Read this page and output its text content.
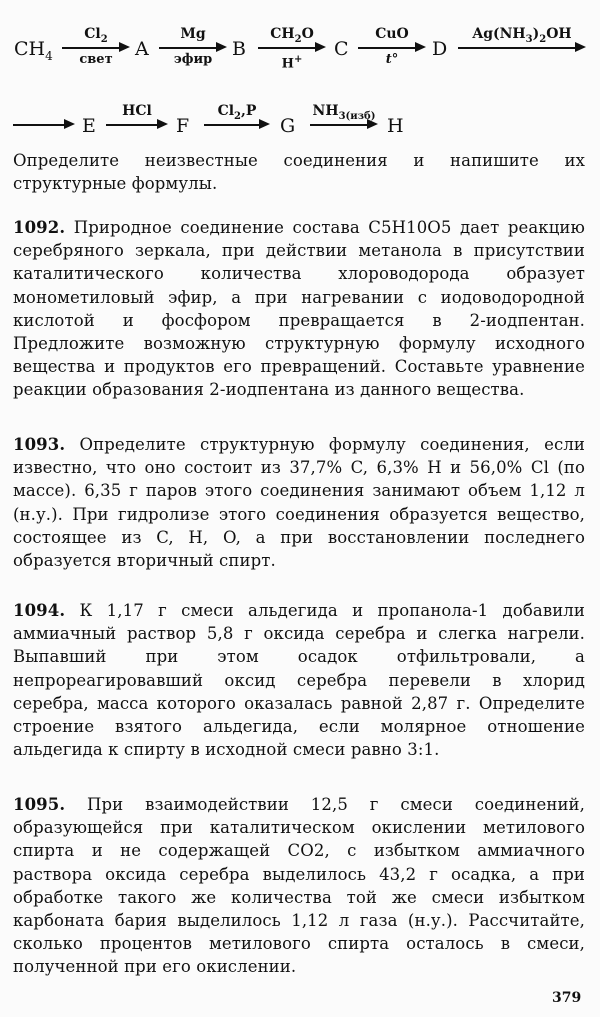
$CH_4$
$Cl_2$
свет	A
Mg
эфир	B
$CH_2O$
H+	C
CuO
t°	D
$Ag(NH_3)_2OH$
E
HCl
F
$Cl_2,P$
G
$NH_{3(изб)}$ H
Определите неизвестные соединения и напишите их структурные формулы.
1092. Природное соединение состава C5H10O5 дает реакцию серебряного зеркала, при действии метанола в присутствии каталитического количества хлороводорода образует монометиловый эфир, а при нагревании с иодоводородной кислотой и фосфором превращается в 2-иодпентан. Предложите возможную структурную формулу исходного вещества и продуктов его превращений. Составьте уравнение реакции образования 2-иодпентана из данного вещества.
1093. Определите структурную формулу соединения, если известно, что оно состоит из 37,7% C, 6,3% H и 56,0% Cl (по массе). 6,35 г паров этого соединения занимают объем 1,12 л (н.у.). При гидролизе этого соединения образуется вещество, состоящее из C, H, O, а при восстановлении последнего образуется вторичный спирт.
1094. К 1,17 г смеси альдегида и пропанола-1 добавили аммиачный раствор 5,8 г оксида серебра и слегка нагрели. Выпавший при этом осадок отфильтровали, а непрореагировавший оксид серебра перевели в хлорид серебра, масса которого оказалась равной 2,87 г. Определите строение взятого альдегида, если молярное отношение альдегида к спирту в исходной смеси равно 3:1.
1095. При взаимодействии 12,5 г смеси соединений, образующейся при каталитическом окислении метилового спирта и не содержащей CO2, с избытком аммиачного раствора оксида серебра выделилось 43,2 г осадка, а при обработке такого же количества той же смеси избытком карбоната бария выделилось 1,12 л газа (н.у.). Рассчитайте, сколько процентов метилового спирта осталось в смеси, полученной при его окислении.
379
